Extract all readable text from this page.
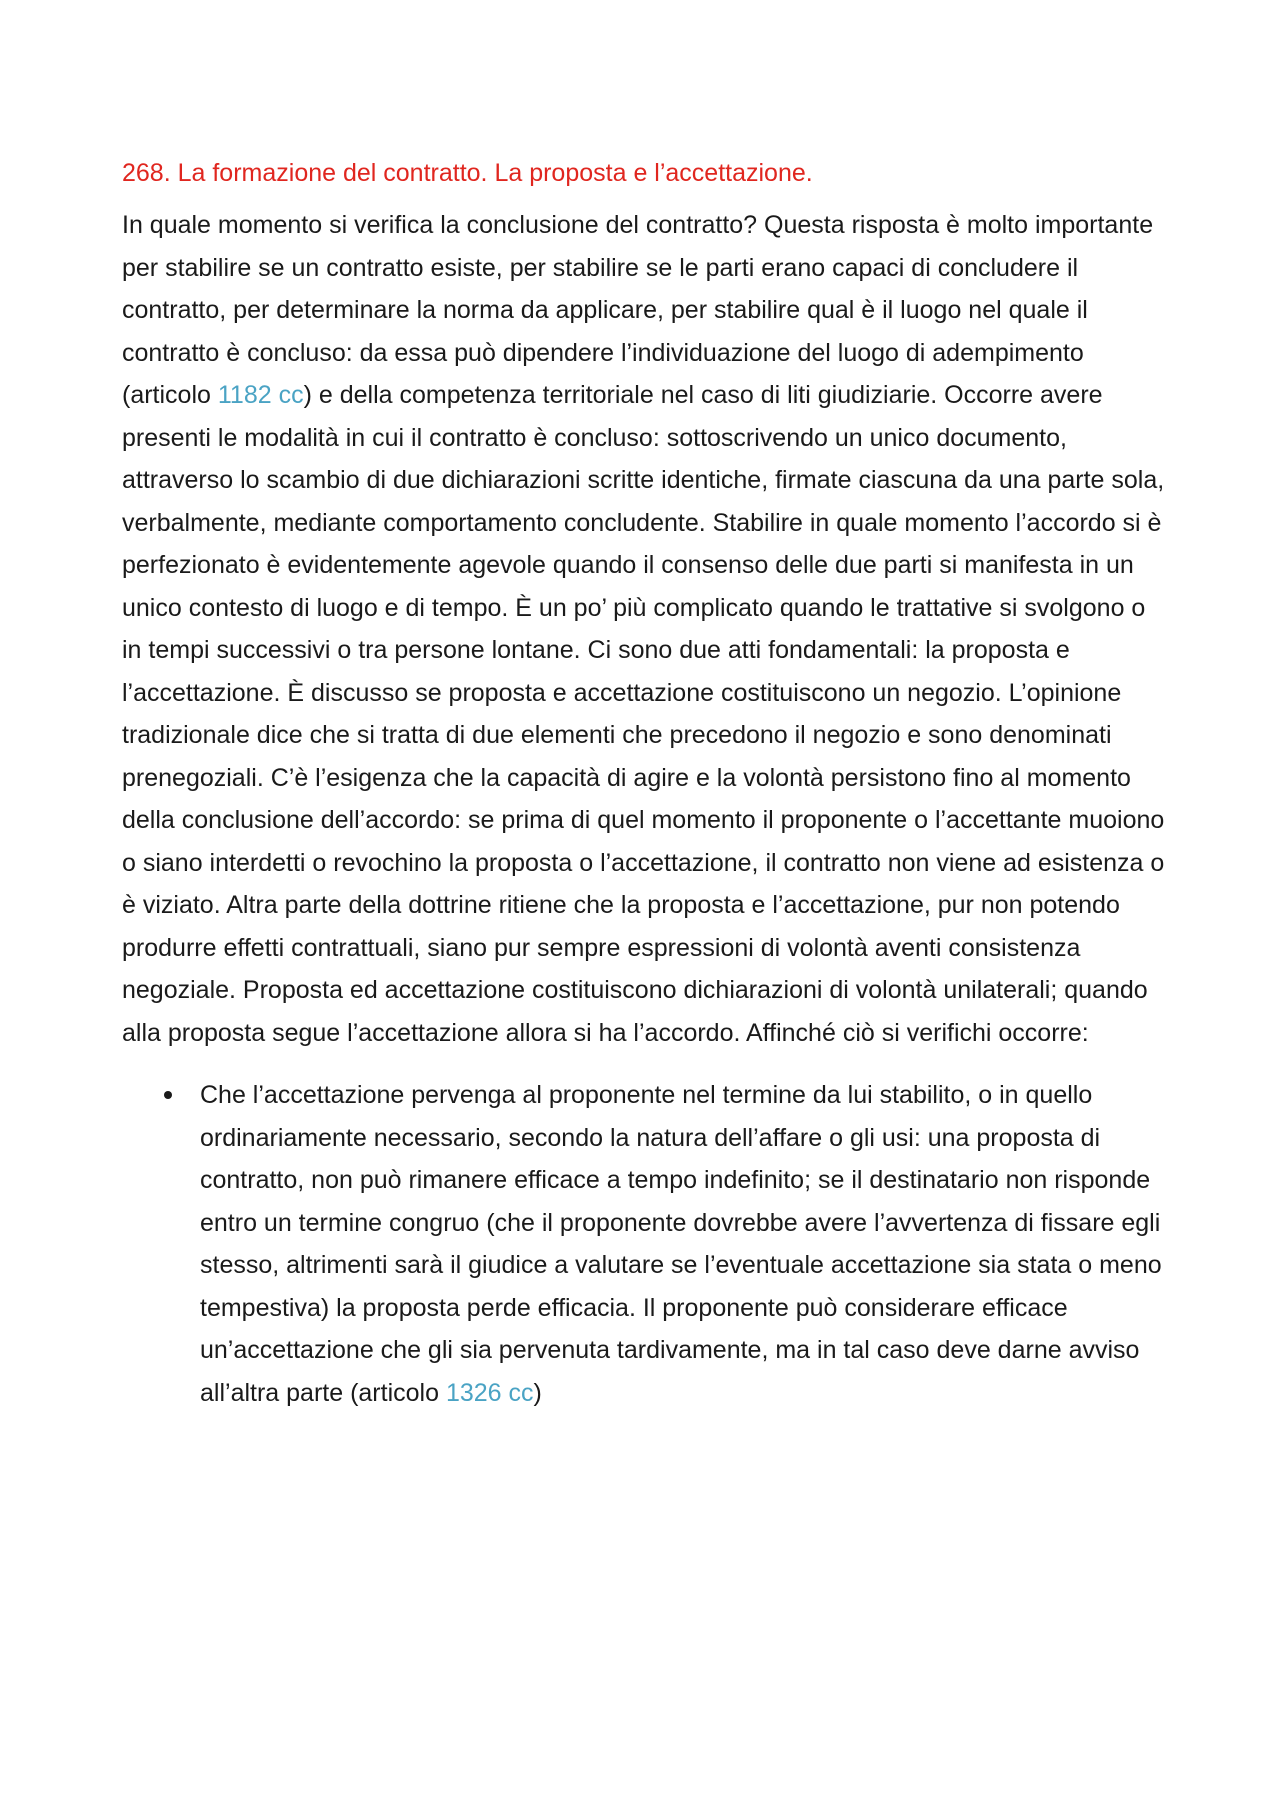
268. La formazione del contratto. La proposta e l’accettazione.

In quale momento si verifica la conclusione del contratto? Questa risposta è molto importante per stabilire se un contratto esiste, per stabilire se le parti erano capaci di concludere il contratto, per determinare la norma da applicare, per stabilire qual è il luogo nel quale il contratto è concluso: da essa può dipendere l’individuazione del luogo di adempimento (articolo 1182 cc) e della competenza territoriale nel caso di liti giudiziarie. Occorre avere presenti le modalità in cui il contratto è concluso: sottoscrivendo un unico documento, attraverso lo scambio di due dichiarazioni scritte identiche, firmate ciascuna da una parte sola, verbalmente, mediante comportamento concludente. Stabilire in quale momento l’accordo si è perfezionato è evidentemente agevole quando il consenso delle due parti si manifesta in un unico contesto di luogo e di tempo. È un po’ più complicato quando le trattative si svolgono o in tempi successivi o tra persone lontane. Ci sono due atti fondamentali: la proposta e l’accettazione. È discusso se proposta e accettazione costituiscono un negozio. L’opinione tradizionale dice che si tratta di due elementi che precedono il negozio e sono denominati prenegoziali. C’è l’esigenza che la capacità di agire e la volontà persistono fino al momento della conclusione dell’accordo: se prima di quel momento il proponente o l’accettante muoiono o siano interdetti o revochino la proposta o l’accettazione, il contratto non viene ad esistenza o è viziato. Altra parte della dottrine ritiene che la proposta e l’accettazione, pur non potendo produrre effetti contrattuali, siano pur sempre espressioni di volontà aventi consistenza negoziale. Proposta ed accettazione costituiscono dichiarazioni di volontà unilaterali; quando alla proposta segue l’accettazione allora si ha l’accordo. Affinché ciò si verifichi occorre:

Che l’accettazione pervenga al proponente nel termine da lui stabilito, o in quello ordinariamente necessario, secondo la natura dell’affare o gli usi: una proposta di contratto, non può rimanere efficace a tempo indefinito; se il destinatario non risponde entro un termine congruo (che il proponente dovrebbe avere l’avvertenza di fissare egli stesso, altrimenti sarà il giudice a valutare se l’eventuale accettazione sia stata o meno tempestiva) la proposta perde efficacia. Il proponente può considerare efficace un’accettazione che gli sia pervenuta tardivamente, ma in tal caso deve darne avviso all’altra parte (articolo 1326 cc)
